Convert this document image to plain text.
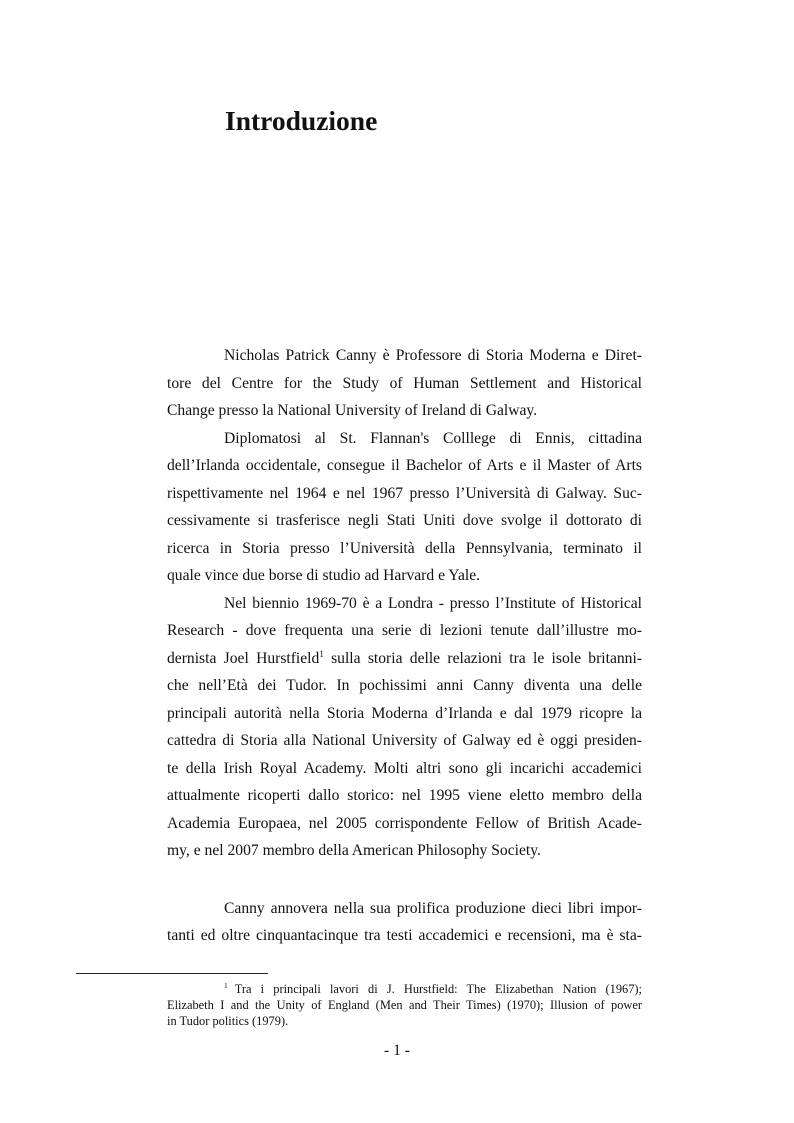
Introduzione
Nicholas Patrick Canny è Professore di Storia Moderna e Diret-
tore del Centre for the Study of Human Settlement and Historical
Change presso la National University of Ireland di Galway.
Diplomatosi al St. Flannan's Colllege di Ennis, cittadina
dell’Irlanda occidentale, consegue il Bachelor of Arts e il Master of Arts
rispettivamente nel 1964 e nel 1967 presso l’Università di Galway. Suc-
cessivamente si trasferisce negli Stati Uniti dove svolge il dottorato di
ricerca in Storia presso l’Università della Pennsylvania, terminato il
quale vince due borse di studio ad Harvard e Yale.
Nel biennio 1969-70 è a Londra - presso l’Institute of Historical
Research - dove frequenta una serie di lezioni tenute dall’illustre mo-
dernista Joel Hurstfield$^1$ sulla storia delle relazioni tra le isole britanni-
che nell’Età dei Tudor. In pochissimi anni Canny diventa una delle
principali autorità nella Storia Moderna d’Irlanda e dal 1979 ricopre la
cattedra di Storia alla National University of Galway ed è oggi presiden-
te della Irish Royal Academy. Molti altri sono gli incarichi accademici
attualmente ricoperti dallo storico: nel 1995 viene eletto membro della
Academia Europaea, nel 2005 corrispondente Fellow of British Acade-
my, e nel 2007 membro della American Philosophy Society.
Canny annovera nella sua prolifica produzione dieci libri impor-
tanti ed oltre cinquantacinque tra testi accademici e recensioni, ma è sta-
$^1$ Tra i principali lavori di J. Hurstfield: The Elizabethan Nation (1967);
Elizabeth I and the Unity of England (Men and Their Times) (1970); Illusion of power
in Tudor politics (1979).
- 1 -
